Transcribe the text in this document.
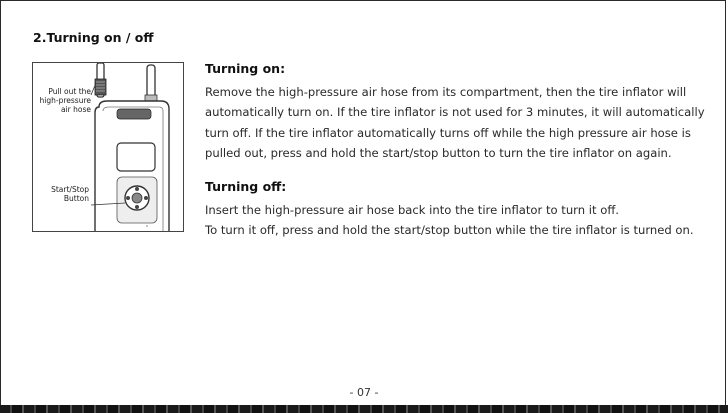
2.Turning on / off
Pull out the
high-pressure
air hose
Start/Stop
Button
Turning on:

Remove the high-pressure air hose from its compartment, then the tire inflator will

automatically turn on. If the tire inflator is not used for 3 minutes, it will automatically

turn off. If the tire inflator automatically turns off while the high pressure air hose is

pulled out, press and hold the start/stop button to turn the tire inflator on again.

Turning off:

Insert the high-pressure air hose back into the tire inflator to turn it off.

To turn it off, press and hold the start/stop button while the tire inflator is turned on.

- 07 -
